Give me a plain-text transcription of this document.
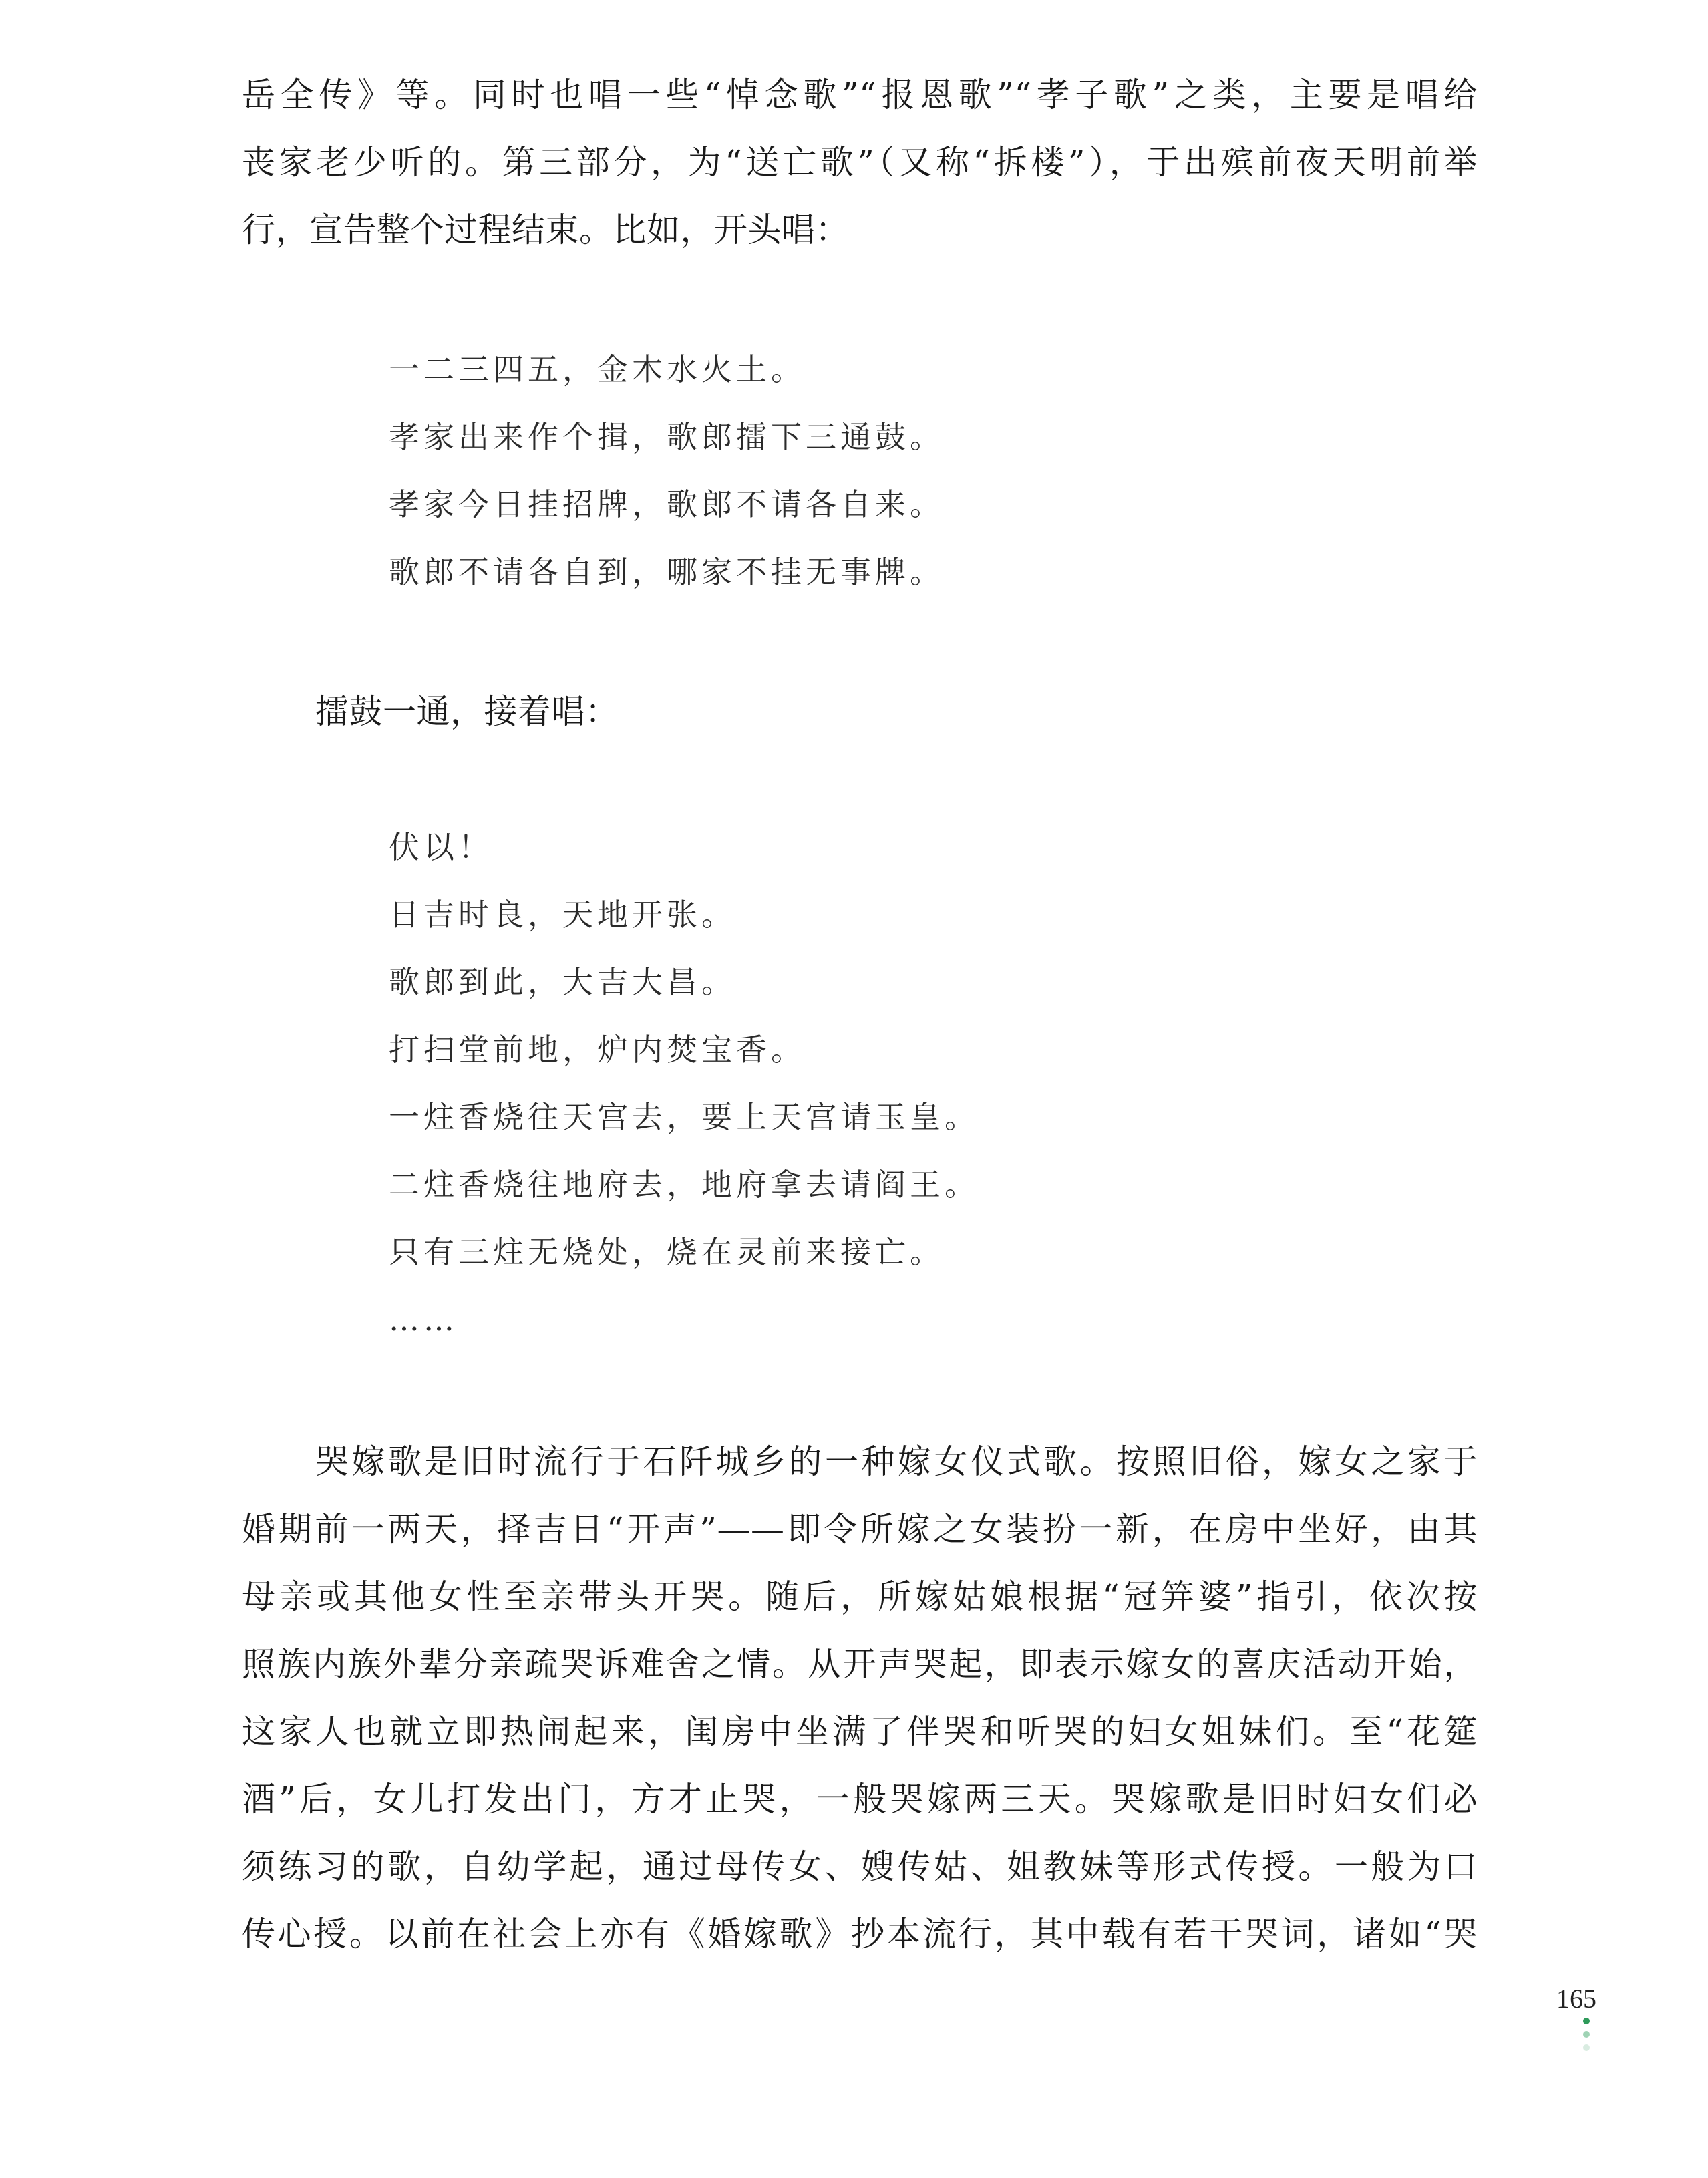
岳全传》等。同时也唱一些“悼念歌”“报恩歌”“孝子歌”之类，主要是唱给
丧家老少听的。第三部分，为“送亡歌”（又称“拆楼”），于出殡前夜天明前举
行，宣告整个过程结束。比如，开头唱：
一二三四五，金木水火土。
孝家出来作个揖，歌郎擂下三通鼓。
孝家今日挂招牌，歌郎不请各自来。
歌郎不请各自到，哪家不挂无事牌。
擂鼓一通，接着唱：
伏以！
日吉时良，天地开张。
歌郎到此，大吉大昌。
打扫堂前地，炉内焚宝香。
一炷香烧往天宫去，要上天宫请玉皇。
二炷香烧往地府去，地府拿去请阎王。
只有三炷无烧处，烧在灵前来接亡。
……
哭嫁歌是旧时流行于石阡城乡的一种嫁女仪式歌。按照旧俗，嫁女之家于
婚期前一两天，择吉日“开声”——即令所嫁之女装扮一新，在房中坐好，由其
母亲或其他女性至亲带头开哭。随后，所嫁姑娘根据“冠笄婆”指引，依次按
照族内族外辈分亲疏哭诉难舍之情。从开声哭起，即表示嫁女的喜庆活动开始，
这家人也就立即热闹起来，闺房中坐满了伴哭和听哭的妇女姐妹们。至“花筵
酒”后，女儿打发出门，方才止哭，一般哭嫁两三天。哭嫁歌是旧时妇女们必
须练习的歌，自幼学起，通过母传女、嫂传姑、姐教妹等形式传授。一般为口
传心授。以前在社会上亦有《婚嫁歌》抄本流行，其中载有若干哭词，诸如“哭
165
